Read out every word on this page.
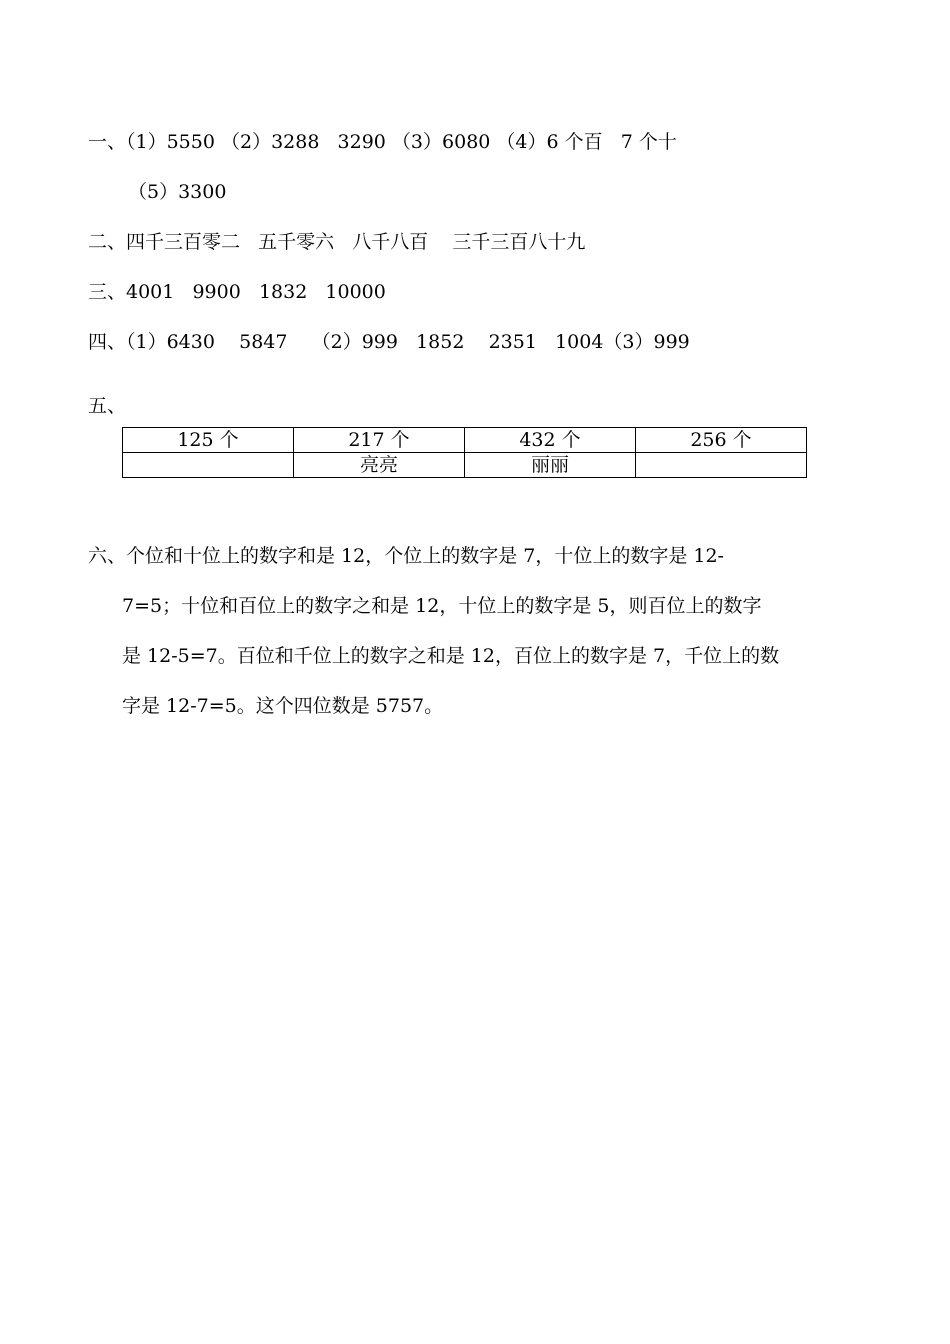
一、（1）5550 （2）3288   3290 （3）6080 （4）6 个百   7 个十
（5）3300
二、四千三百零二   五千零六   八千八百    三千三百八十九
三、4001   9900   1832   10000
四、（1）6430    5847    （2）999   1852    2351   1004（3）999
五、
125 个	217 个	432 个	256 个
	亮亮	丽丽	
六、个位和十位上的数字和是 12，个位上的数字是 7，十位上的数字是 12-
7=5；十位和百位上的数字之和是 12，十位上的数字是 5，则百位上的数字
是 12-5=7。百位和千位上的数字之和是 12，百位上的数字是 7，千位上的数
字是 12-7=5。这个四位数是 5757。
